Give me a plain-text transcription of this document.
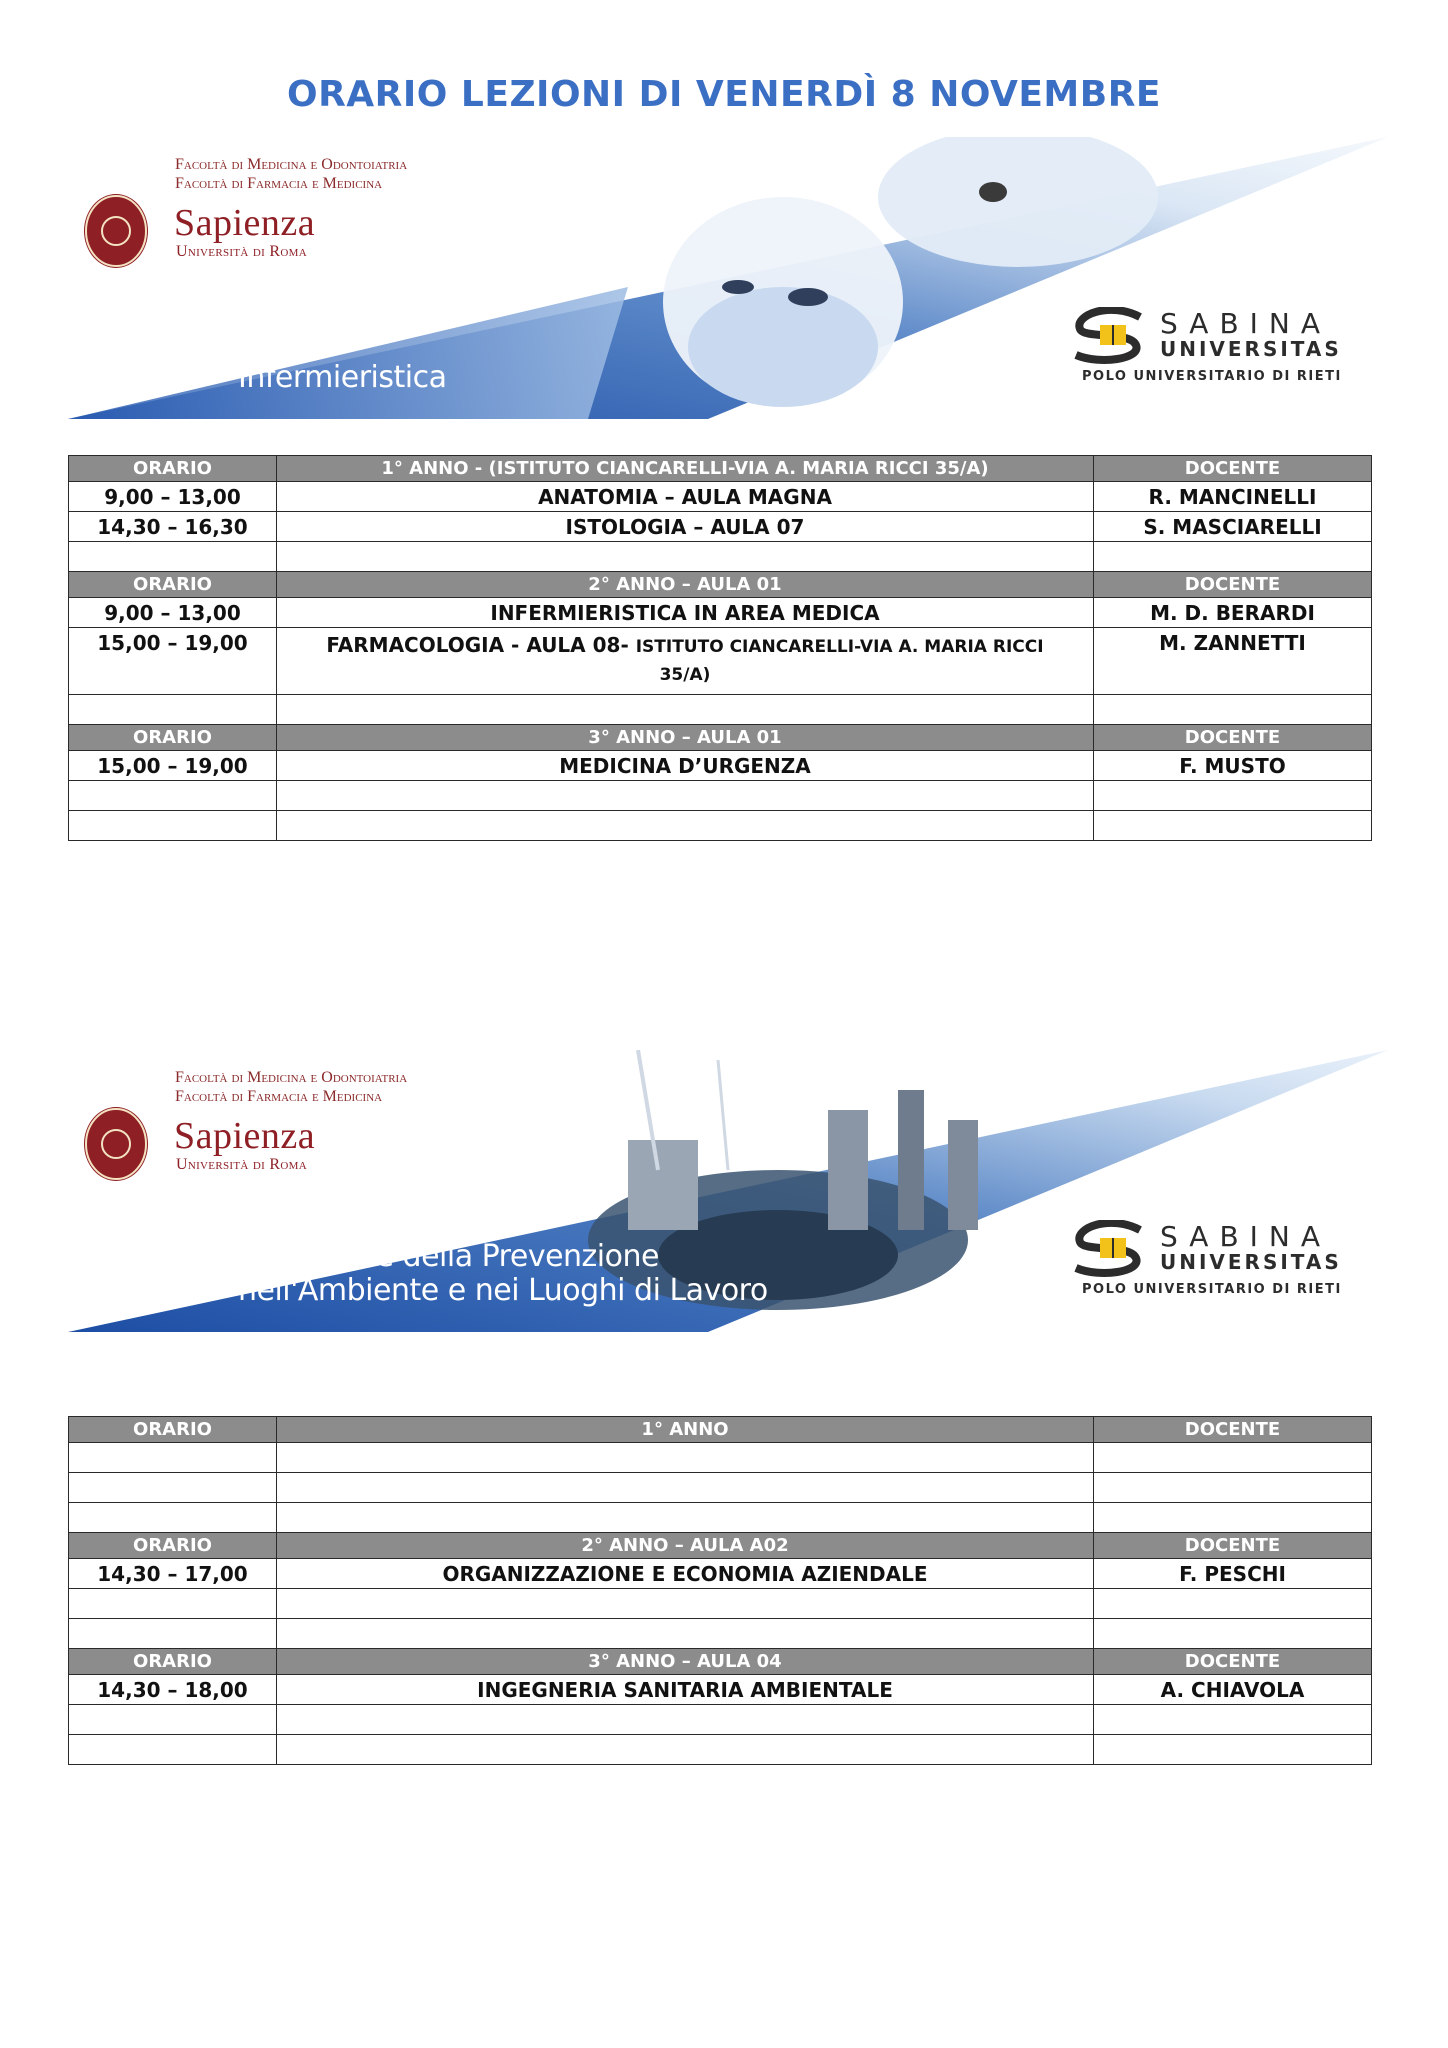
ORARIO LEZIONI DI VENERDÌ 8 NOVEMBRE
Facoltà di Medicina e Odontoiatria
Facoltà di Farmacia e Medicina
Sapienza
Università di Roma
Infermieristica
SABINA
UNIVERSITAS
POLO UNIVERSITARIO DI RIETI
ORARIO	1° ANNO - (ISTITUTO CIANCARELLI-VIA A. MARIA RICCI 35/A)	DOCENTE
9,00 – 13,00	ANATOMIA – AULA MAGNA	R. MANCINELLI
14,30 – 16,30	ISTOLOGIA – AULA 07	S. MASCIARELLI

ORARIO	2° ANNO – AULA 01	DOCENTE
9,00 – 13,00	INFERMIERISTICA IN AREA MEDICA	M. D. BERARDI
15,00 – 19,00	FARMACOLOGIA - AULA 08- ISTITUTO CIANCARELLI-VIA A. MARIA RICCI 35/A)	M. ZANNETTI

ORARIO	3° ANNO – AULA 01	DOCENTE
15,00 – 19,00	MEDICINA D’URGENZA	F. MUSTO

Facoltà di Medicina e Odontoiatria
Facoltà di Farmacia e Medicina
Sapienza
Università di Roma
Tecniche della Prevenzione
nell'Ambiente e nei Luoghi di Lavoro
SABINA
UNIVERSITAS
POLO UNIVERSITARIO DI RIETI
ORARIO	1° ANNO	DOCENTE

ORARIO	2° ANNO – AULA A02	DOCENTE
14,30 – 17,00	ORGANIZZAZIONE E ECONOMIA AZIENDALE	F. PESCHI

ORARIO	3° ANNO – AULA 04	DOCENTE
14,30 – 18,00	INGEGNERIA SANITARIA AMBIENTALE	A. CHIAVOLA
